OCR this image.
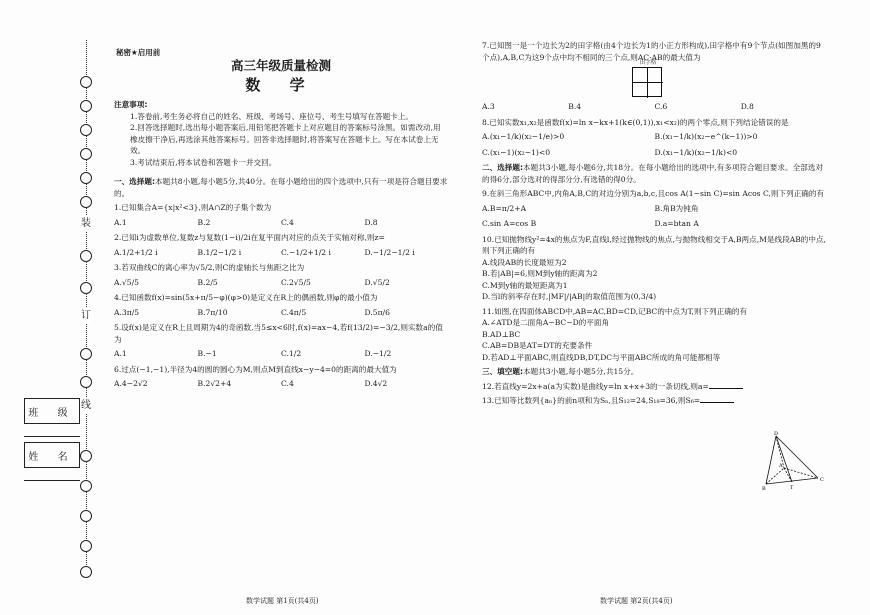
装
订
线
班 级
姓 名
秘密★启用前
高三年级质量检测
数 学
注意事项:
1.答卷前,考生务必将自己的姓名、班级、考场号、座位号、考生号填写在答题卡上。
2.回答选择题时,选出每小题答案后,用铅笔把答题卡上对应题目的答案标号涂黑。如需改动,用橡皮擦干净后,再选涂其他答案标号。回答非选择题时,将答案写在答题卡上。写在本试卷上无效。
3.考试结束后,将本试卷和答题卡一并交回。
一、选择题:本题共8小题,每小题5分,共40分。在每小题给出的四个选项中,只有一项是符合题目要求的。
1.已知集合A={x|x²<3},则A∩Z的子集个数为
A.1	B.2	C.4	D.8
2.已知i为虚数单位,复数z与复数(1−i)/2i在复平面内对应的点关于实轴对称,则z=
A.1/2+1/2 i	B.1/2−1/2 i	C.−1/2+1/2 i	D.−1/2−1/2 i
3.若双曲线C的离心率为√5/2,则C的虚轴长与焦距之比为
A.√5/5	B.2/5	C.2√5/5	D.√5/2
4.已知函数f(x)=sin(5x+π/5−φ)(φ>0)是定义在R上的偶函数,则φ的最小值为
A.3π/5	B.7π/10	C.4π/5	D.5π/6
5.设f(x)是定义在R上且周期为4的奇函数,当5≤x<6时,f(x)=ax−4,若f(13/2)=−3/2,则实数a的值为
A.1	B.−1	C.1/2	D.−1/2
6.过点(−1,−1),半径为4的圆的圆心为M,则点M到直线x−y−4=0的距离的最大值为
A.4−2√2	B.2√2+4	C.4	D.4√2
7.已知图一是一个边长为2的田字格(由4个边长为1的小正方形构成),田字格中有9个节点(如图加黑的9个点),A,B,C为这9个点中均不相同的三个点,则AC·AB的最大值为
田字格
A.3	B.4	C.6	D.8
8.已知实数x₁,x₂是函数f(x)=ln x−kx+1(k∈(0,1)),x₁<x₂)的两个零点,则下列结论错误的是
A.(x₁−1/k)(x₂−1/e)>0	B.(x₁−1/k)(x₂−e^(k−1))>0
C.(x₁−1)(x₂−1)<0	D.(x₁−1/k)(x₂−1/k)<0
二、选择题:本题共3小题,每小题6分,共18分。在每小题给出的选项中,有多项符合题目要求。全部选对的得6分,部分选对的得部分分,有选错的得0分。
9.在斜三角形ABC中,内角A,B,C的对边分别为a,b,c,且cos A(1−sin C)=sin Acos C,则下列正确的有
A.B=π/2+A	B.角B为钝角
C.sin A=cos B	D.a=btan A
10.已知抛物线y²=4x的焦点为F,直线l,经过抛物线的焦点,与抛物线相交于A,B两点,M是线段AB的中点,则下列正确的有
A.线段AB的长度最短为2
B.若|AB|=6,则M到y轴的距离为2
C.M到y轴的最短距离为1
D.当l的斜率存在时,|MF|/|AB|的取值范围为(0,3/4)
11.如图,在四面体ABCD中,AB=AC,BD=CD,记BC的中点为T,则下列正确的有
A.∠ATD是二面角A−BC−D的平面角
B.AD⊥BC
C.AB=DB是AT=DT的充要条件
D.若AD⊥平面ABC,则直线DB,DT,DC与平面ABC所成的角可能都相等
三、填空题:本题共3小题,每小题5分,共15分。
12.若直线y=2x+a(a为实数)是曲线y=ln x+x+3的一条切线,则a=
13.已知等比数列{aₙ}的前n项和为Sₙ,且S₁₂=24,S₁₈=36,则S₆=
D
A
B	T
C
数学试题 第1页(共4页)	数学试题 第2页(共4页)
